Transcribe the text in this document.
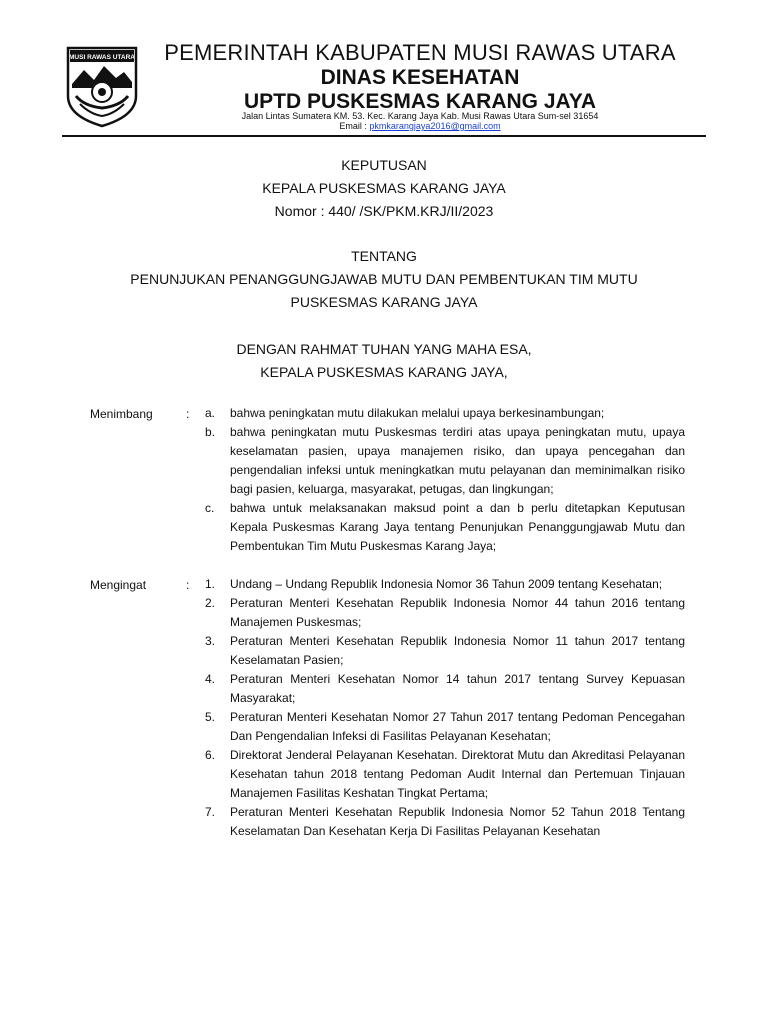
MUSI RAWAS UTARA	PEMERINTAH KABUPATEN MUSI RAWAS UTARA
DINAS KESEHATAN
UPTD PUSKESMAS KARANG JAYA
Jalan Lintas Sumatera KM. 53. Kec. Karang Jaya Kab. Musi Rawas Utara Sum-sel 31654
Email : pkmkarangjaya2016@gmail.com
KEPUTUSAN
KEPALA PUSKESMAS KARANG JAYA
Nomor : 440/ /SK/PKM.KRJ/II/2023
TENTANG
PENUNJUKAN PENANGGUNGJAWAB MUTU DAN PEMBENTUKAN TIM MUTU
PUSKESMAS KARANG JAYA
DENGAN RAHMAT TUHAN YANG MAHA ESA,
KEPALA PUSKESMAS KARANG JAYA,
Menimbang	: a.	bahwa peningkatan mutu dilakukan melalui upaya berkesinambungan;
b.	bahwa peningkatan mutu Puskesmas terdiri atas upaya peningkatan mutu, upaya keselamatan pasien, upaya manajemen risiko, dan upaya pencegahan dan pengendalian infeksi untuk meningkatkan mutu pelayanan dan meminimalkan risiko bagi pasien, keluarga, masyarakat, petugas, dan lingkungan;
c.	bahwa untuk melaksanakan maksud point a dan b perlu ditetapkan Keputusan Kepala Puskesmas Karang Jaya tentang Penunjukan Penanggungjawab Mutu dan Pembentukan Tim Mutu Puskesmas Karang Jaya;
Mengingat	: 1.	Undang – Undang Republik Indonesia Nomor 36 Tahun 2009 tentang Kesehatan;
2.	Peraturan Menteri Kesehatan Republik Indonesia Nomor 44 tahun 2016 tentang Manajemen Puskesmas;
3.	Peraturan Menteri Kesehatan Republik Indonesia Nomor 11 tahun 2017 tentang Keselamatan Pasien;
4.	Peraturan Menteri Kesehatan Nomor 14 tahun 2017 tentang Survey Kepuasan Masyarakat;
5.	Peraturan Menteri Kesehatan Nomor 27 Tahun 2017 tentang Pedoman Pencegahan Dan Pengendalian Infeksi di Fasilitas Pelayanan Kesehatan;
6.	Direktorat Jenderal Pelayanan Kesehatan. Direktorat Mutu dan Akreditasi Pelayanan Kesehatan tahun 2018 tentang Pedoman Audit Internal dan Pertemuan Tinjauan Manajemen Fasilitas Keshatan Tingkat Pertama;
7.	Peraturan Menteri Kesehatan Republik Indonesia Nomor 52 Tahun 2018 Tentang Keselamatan Dan Kesehatan Kerja Di Fasilitas Pelayanan Kesehatan
